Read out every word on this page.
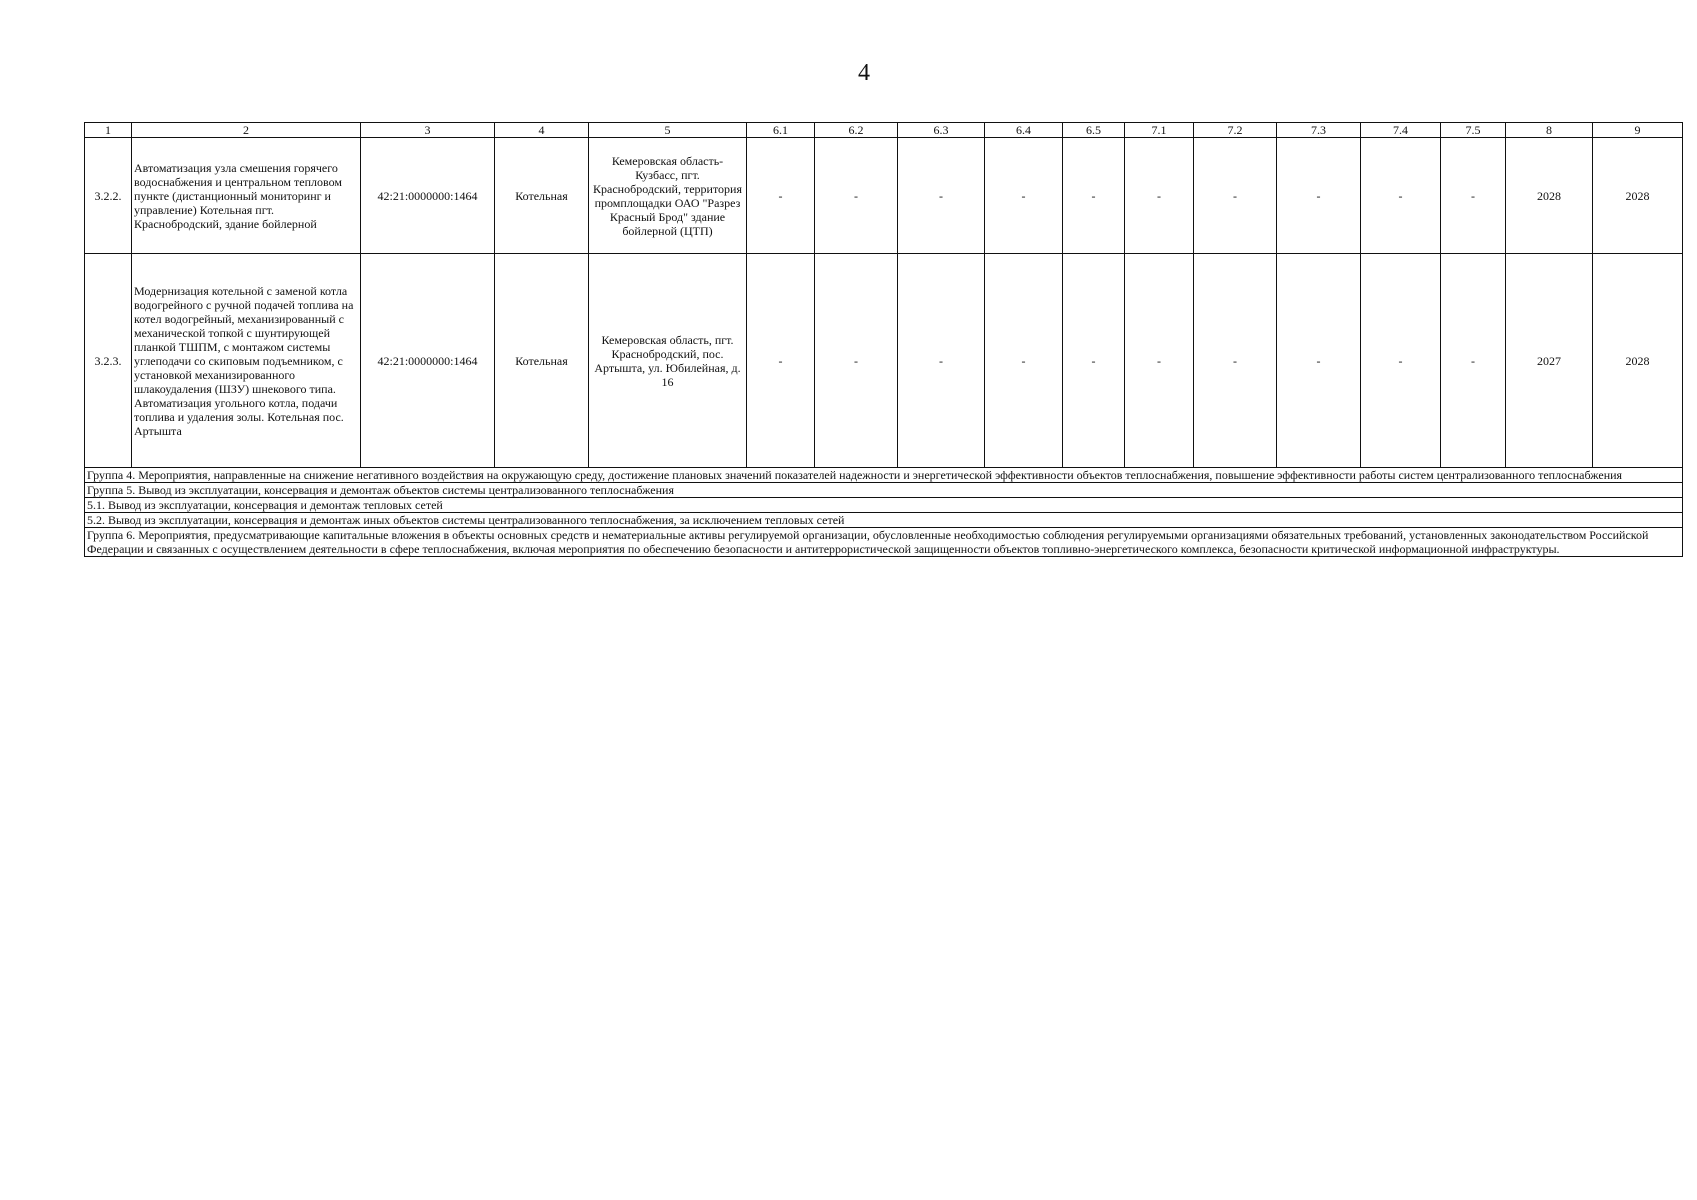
4
1	2	3	4	5	6.1	6.2	6.3	6.4	6.5	7.1	7.2	7.3	7.4	7.5	8	9
3.2.2.	Автоматизация узла смешения горячего водоснабжения и центральном тепловом пункте (дистанционный мониторинг и управление) Котельная пгт. Краснобродский, здание бойлерной	42:21:0000000:1464	Котельная	Кемеровская область-Кузбасс, пгт. Краснобродский, территория промплощадки ОАО "Разрез Красный Брод" здание бойлерной (ЦТП)	-	-	-	-	-	-	-	-	-	-	2028	2028
3.2.3.	Модернизация котельной с заменой котла водогрейного с ручной подачей топлива на котел водогрейный, механизированный с механической топкой с шунтирующей планкой ТШПМ, с монтажом системы углеподачи со скиповым подъемником, с установкой механизированного шлакоудаления (ШЗУ) шнекового типа. Автоматизация угольного котла, подачи топлива и удаления золы. Котельная пос. Артышта	42:21:0000000:1464	Котельная	Кемеровская область, пгт. Краснобродский, пос. Артышта, ул. Юбилейная, д. 16	-	-	-	-	-	-	-	-	-	-	2027	2028
Группа 4. Мероприятия, направленные на снижение негативного воздействия на окружающую среду, достижение плановых значений показателей надежности и энергетической эффективности объектов теплоснабжения, повышение эффективности работы систем централизованного теплоснабжения																
Группа 5. Вывод из эксплуатации, консервация и демонтаж объектов системы централизованного теплоснабжения																
5.1. Вывод из эксплуатации, консервация и демонтаж тепловых сетей																
5.2. Вывод из эксплуатации, консервация и демонтаж иных объектов системы централизованного теплоснабжения, за исключением тепловых сетей																
Группа 6. Мероприятия, предусматривающие капитальные вложения в объекты основных средств и нематериальные активы регулируемой организации, обусловленные необходимостью соблюдения регулируемыми организациями обязательных требований, установленных законодательством Российской Федерации и связанных с осуществлением деятельности в сфере теплоснабжения, включая мероприятия по обеспечению безопасности и антитеррористической защищенности объектов топливно-энергетического комплекса, безопасности критической информационной инфраструктуры.																
